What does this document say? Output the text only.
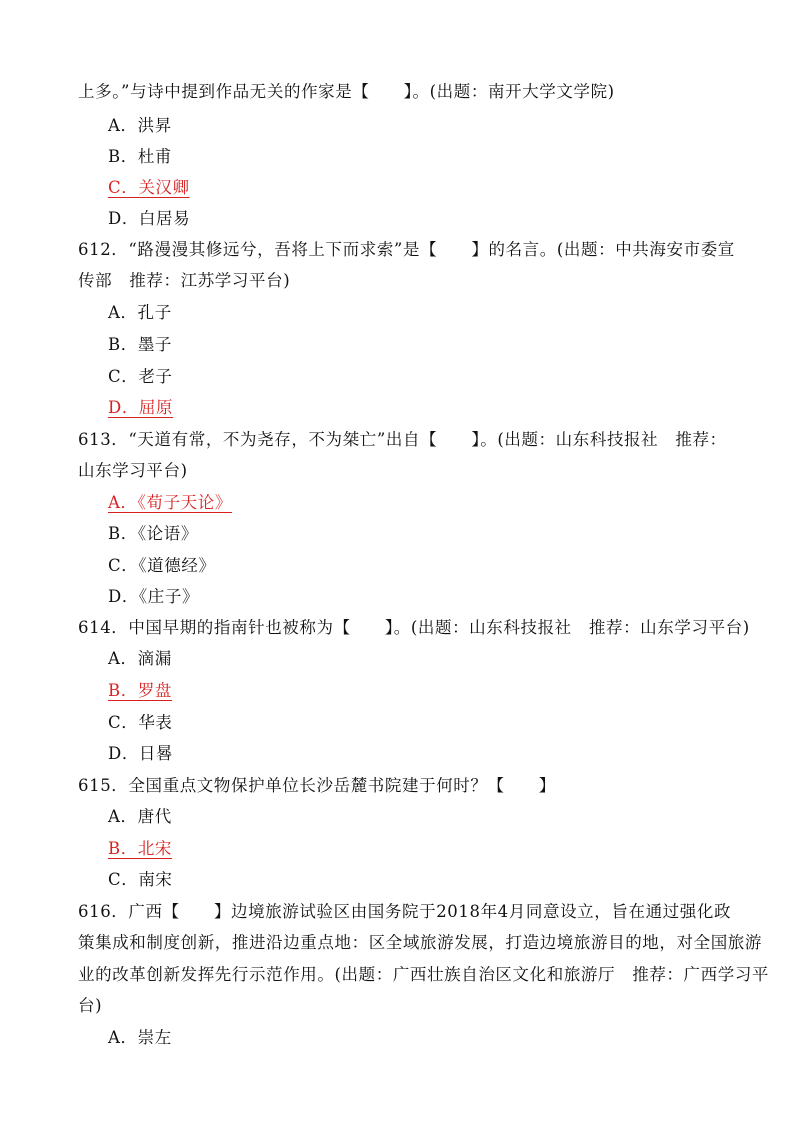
上多。”与诗中提到作品无关的作家是【　　】。(出题：南开大学文学院)
A．洪昇
B．杜甫
C．关汉卿
D．白居易
612．“路漫漫其修远兮，吾将上下而求索”是【　　】的名言。(出题：中共海安市委宣
传部　推荐：江苏学习平台)
A．孔子
B．墨子
C．老子
D．屈原
613．“天道有常，不为尧存，不为桀亡”出自【　　】。(出题：山东科技报社　推荐：
山东学习平台)
A．《荀子天论》
B．《论语》
C．《道德经》
D．《庄子》
614．中国早期的指南针也被称为【　　】。(出题：山东科技报社　推荐：山东学习平台)
A．滴漏
B．罗盘
C．华表
D．日晷
615．全国重点文物保护单位长沙岳麓书院建于何时？【　　】
A．唐代
B．北宋
C．南宋
616．广西【　　】边境旅游试验区由国务院于2018年4月同意设立，旨在通过强化政
策集成和制度创新，推进沿边重点地：区全域旅游发展，打造边境旅游目的地，对全国旅游
业的改革创新发挥先行示范作用。(出题：广西壮族自治区文化和旅游厅　推荐：广西学习平
台)
A．崇左
